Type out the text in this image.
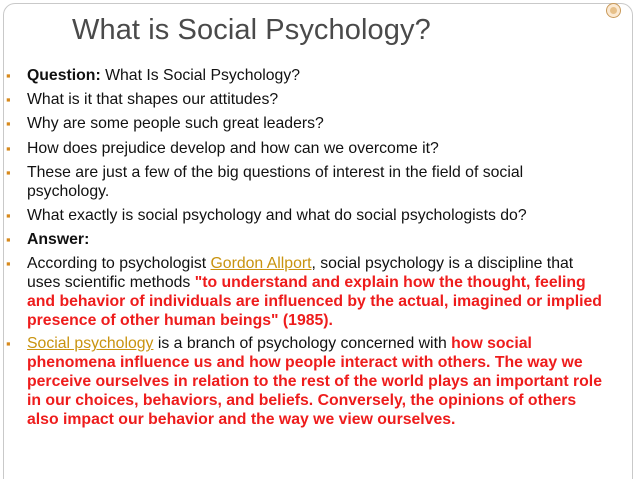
What is Social Psychology?
▪ Question: What Is Social Psychology?
▪ What is it that shapes our attitudes?
▪ Why are some people such great leaders?
▪ How does prejudice develop and how can we overcome it?
▪ These are just a few of the big questions of interest in the field of social psychology.
▪ What exactly is social psychology and what do social psychologists do?
▪ Answer:
▪ According to psychologist Gordon Allport, social psychology is a discipline that uses scientific methods "to understand and explain how the thought, feeling and behavior of individuals are influenced by the actual, imagined or implied presence of other human beings" (1985).
▪ Social psychology is a branch of psychology concerned with how social phenomena influence us and how people interact with others. The way we perceive ourselves in relation to the rest of the world plays an important role in our choices, behaviors, and beliefs. Conversely, the opinions of others also impact our behavior and the way we view ourselves.
